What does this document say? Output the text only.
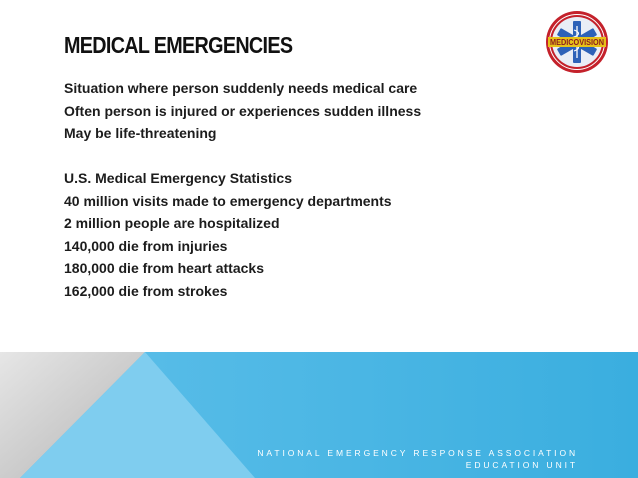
MEDICAL EMERGENCIES
Situation where person suddenly needs medical care
Often person is injured or experiences sudden illness
May be life-threatening
U.S. Medical Emergency Statistics
40 million visits made to emergency departments
2 million people are hospitalized
140,000 die from injuries
180,000 die from heart attacks
162,000 die from strokes
MEDICOVISION
NATIONAL EMERGENCY RESPONSE ASSOCIATION
EDUCATION UNIT
